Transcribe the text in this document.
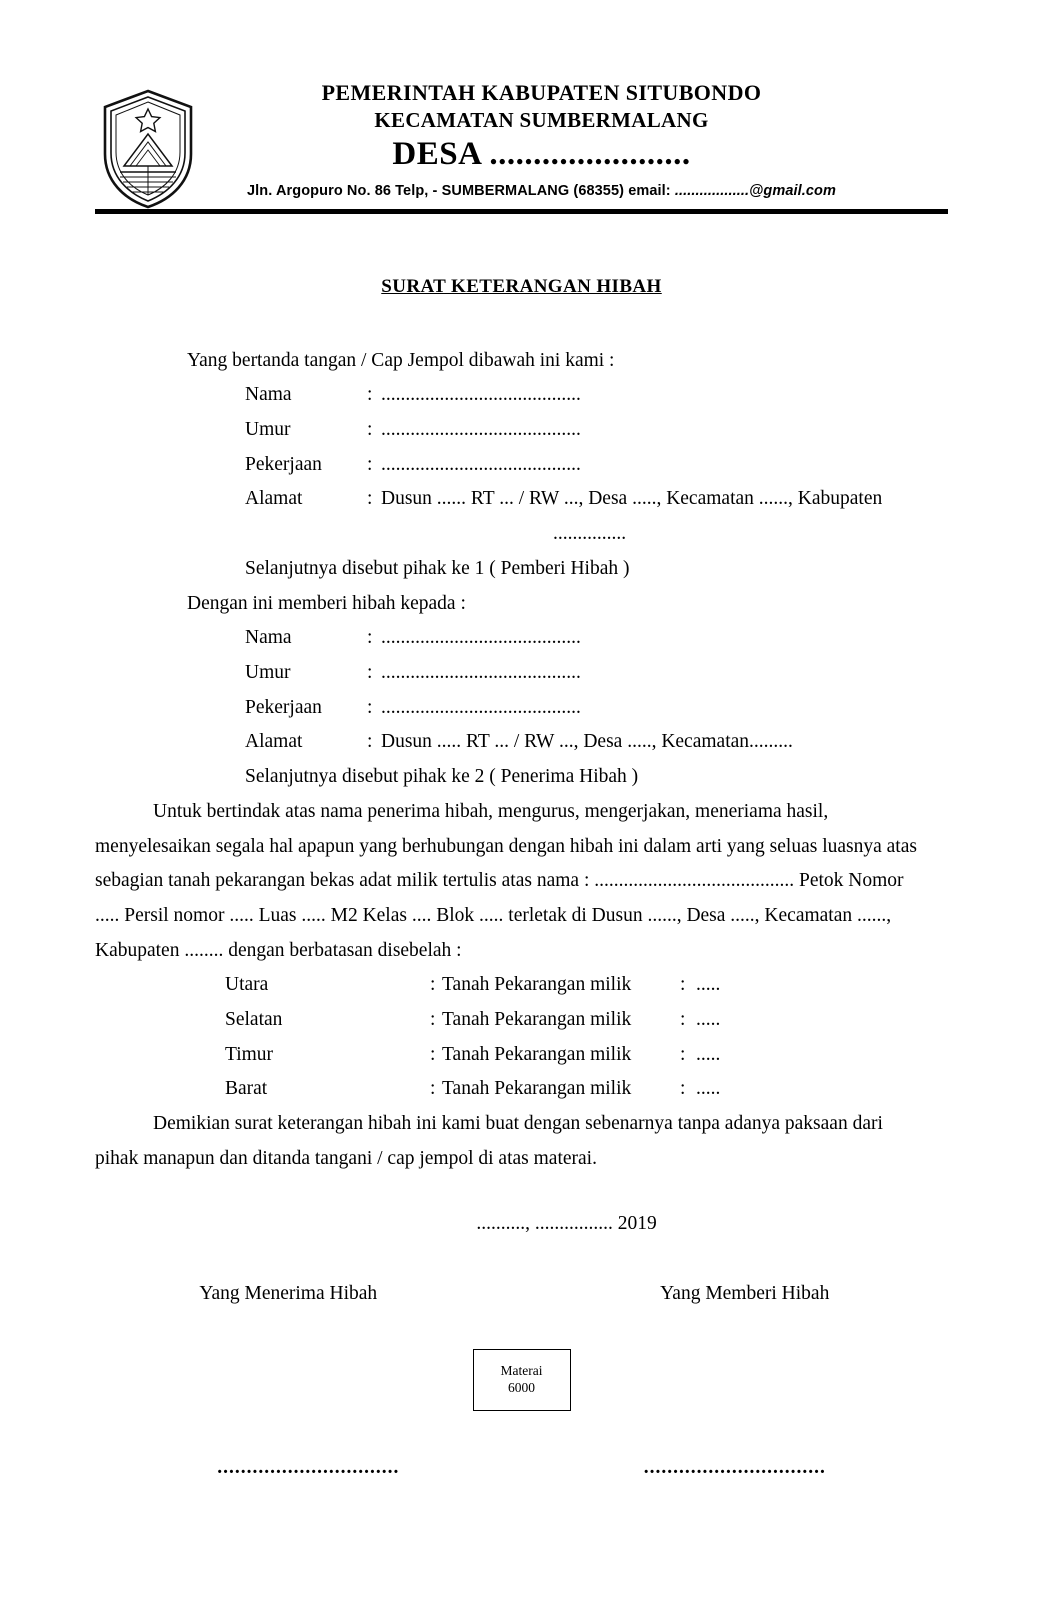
PEMERINTAH KABUPATEN SITUBONDO
KECAMATAN SUMBERMALANG
DESA .......................
Jln. Argopuro No. 86 Telp, - SUMBERMALANG (68355) email: ..................@gmail.com
SURAT KETERANGAN HIBAH
Yang bertanda tangan / Cap Jempol dibawah ini kami :
Nama	: .........................................
Umur	: .........................................
Pekerjaan	: .........................................
Alamat	: Dusun ...... RT ... / RW ..., Desa ....., Kecamatan ......, Kabupaten
...............
Selanjutnya disebut pihak ke 1 ( Pemberi Hibah )
Dengan ini memberi hibah kepada :
Nama	: .........................................
Umur	: .........................................
Pekerjaan	: .........................................
Alamat	: Dusun ..... RT ... / RW ..., Desa ....., Kecamatan.........
Selanjutnya disebut pihak ke 2 ( Penerima Hibah )
Untuk bertindak atas nama penerima hibah, mengurus, mengerjakan, meneriama hasil,
menyelesaikan segala hal apapun yang berhubungan dengan hibah ini dalam arti yang seluas luasnya atas
sebagian tanah pekarangan bekas adat milik tertulis atas nama : ......................................... Petok Nomor
..... Persil nomor ..... Luas ..... M2 Kelas .... Blok ..... terletak di Dusun ......, Desa ....., Kecamatan ......,
Kabupaten ........ dengan berbatasan disebelah :
Utara	: Tanah Pekarangan milik	: .....
Selatan	: Tanah Pekarangan milik	: .....
Timur	: Tanah Pekarangan milik	: .....
Barat	: Tanah Pekarangan milik	: .....
Demikian surat keterangan hibah ini kami buat dengan sebenarnya tanpa adanya paksaan dari
pihak manapun dan ditanda tangani / cap jempol di atas materai.
.........., ................ 2019
Yang Menerima Hibah	Yang Memberi Hibah
Materai
6000
...............................	...............................
